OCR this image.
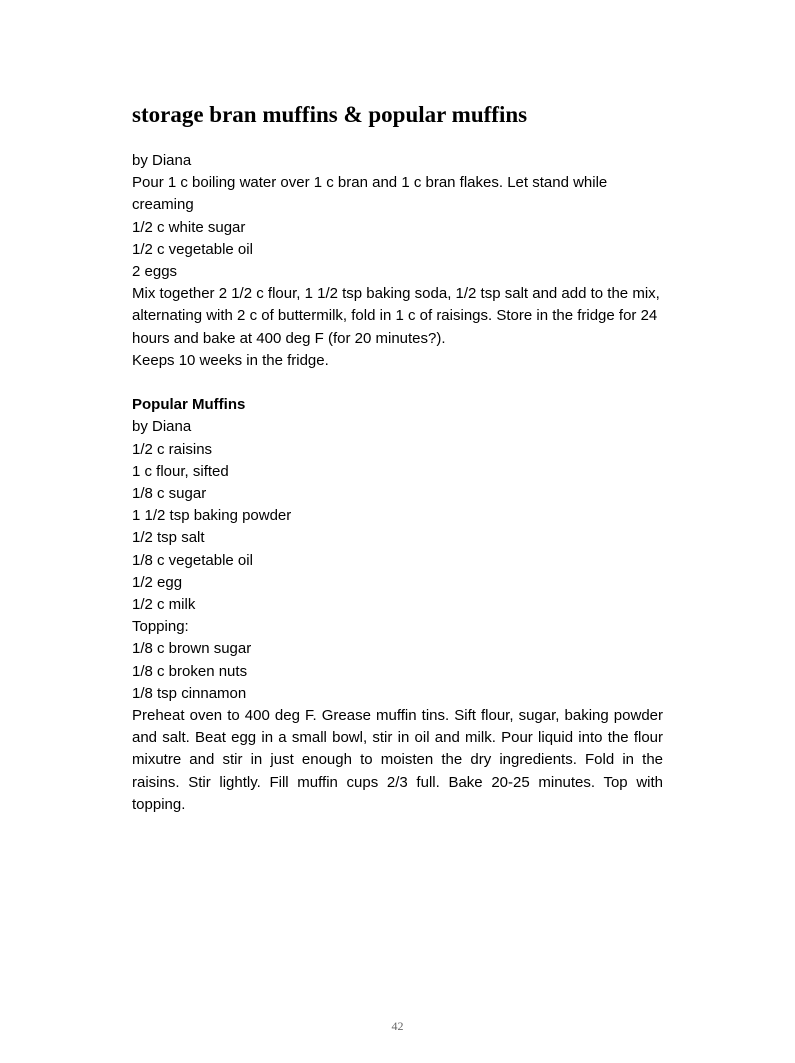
storage bran muffins & popular muffins
by Diana
Pour 1 c boiling water over 1 c bran and 1 c bran flakes. Let stand while creaming
1/2 c white sugar
1/2 c vegetable oil
2 eggs
Mix together 2 1/2 c flour, 1 1/2 tsp baking soda, 1/2 tsp salt and add to the mix, alternating with 2 c of buttermilk, fold in 1 c of raisings. Store in the fridge for 24 hours and bake at 400 deg F (for 20 minutes?).
Keeps 10 weeks in the fridge.
Popular Muffins
by Diana
1/2 c raisins
1 c flour, sifted
1/8 c sugar
1 1/2 tsp baking powder
1/2 tsp salt
1/8 c vegetable oil
1/2 egg
1/2 c milk
Topping:
1/8 c brown sugar
1/8 c broken nuts
1/8 tsp cinnamon
Preheat oven to 400 deg F. Grease muffin tins. Sift flour, sugar, baking powder and salt. Beat egg in a small bowl, stir in oil and milk. Pour liquid into the flour mixutre and stir in just enough to moisten the dry ingredients. Fold in the raisins. Stir lightly. Fill muffin cups 2/3 full. Bake 20-25 minutes. Top with topping.
42
